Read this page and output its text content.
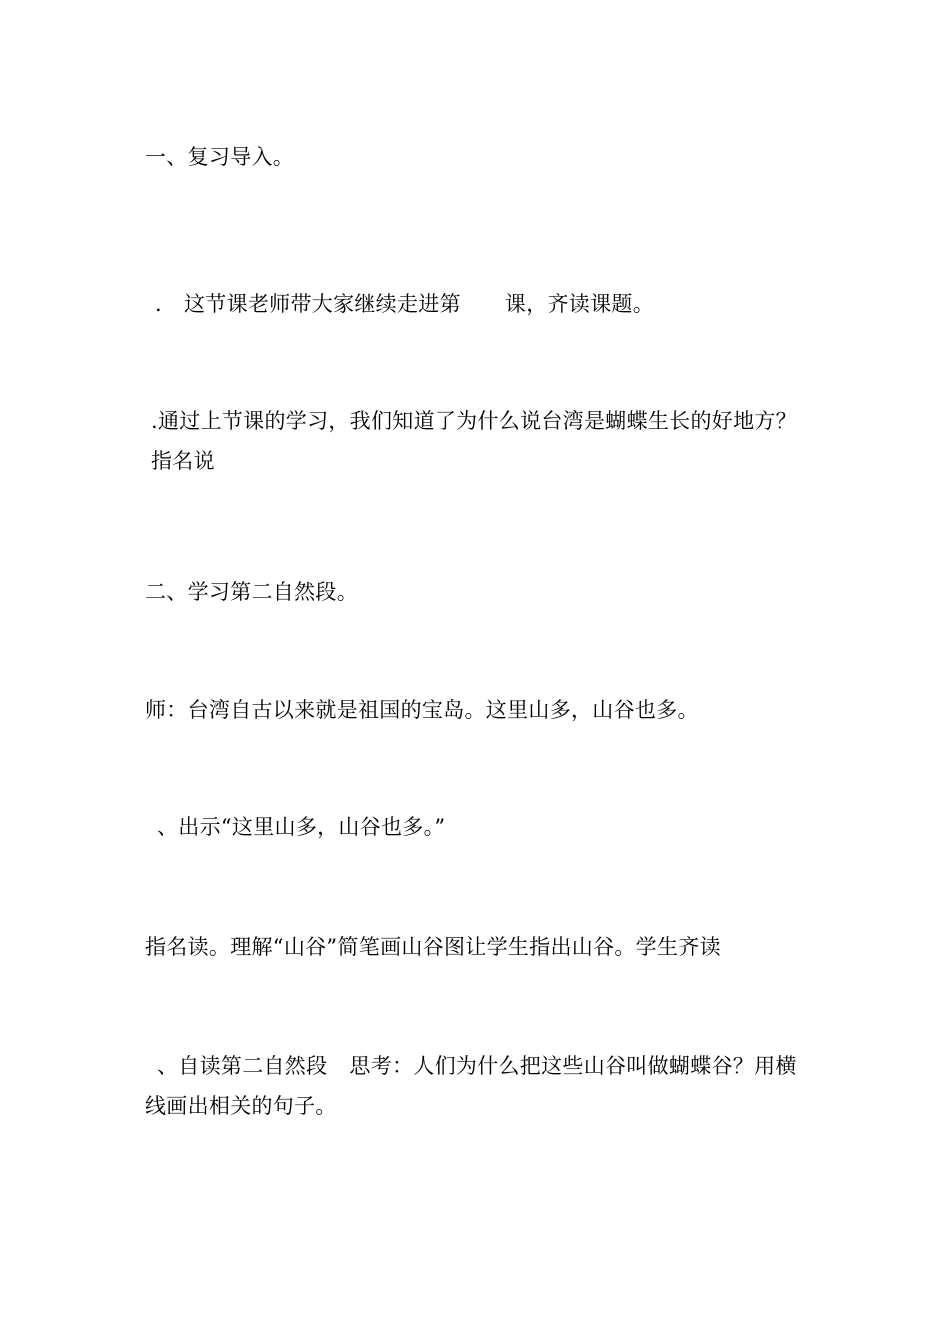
一、复习导入。
. 这节课老师带大家继续走进第 课，齐读课题。
.通过上节课的学习，我们知道了为什么说台湾是蝴蝶生长的好地方？指名说
二、学习第二自然段。
师：台湾自古以来就是祖国的宝岛。这里山多，山谷也多。
、出示“这里山多，山谷也多。”
指名读。理解“山谷”简笔画山谷图让学生指出山谷。学生齐读
、自读第二自然段 思考：人们为什么把这些山谷叫做蝴蝶谷？用横线画出相关的句子。
